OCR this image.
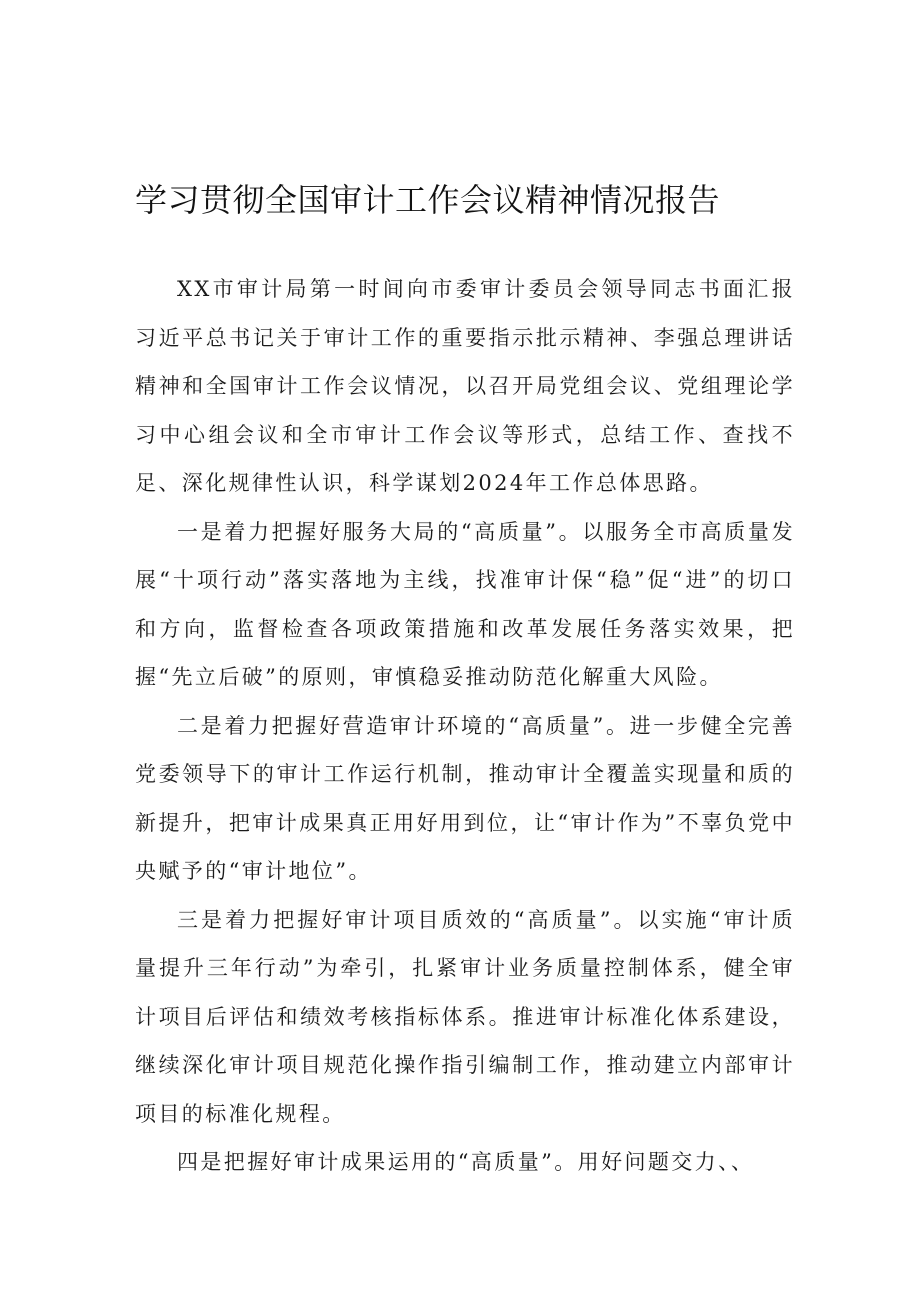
学习贯彻全国审计工作会议精神情况报告

XX市审计局第一时间向市委审计委员会领导同志书面汇报习近平总书记关于审计工作的重要指示批示精神、李强总理讲话精神和全国审计工作会议情况，以召开局党组会议、党组理论学习中心组会议和全市审计工作会议等形式，总结工作、查找不足、深化规律性认识，科学谋划2024年工作总体思路。

一是着力把握好服务大局的“高质量”。以服务全市高质量发展“十项行动”落实落地为主线，找准审计保“稳”促“进”的切口和方向，监督检查各项政策措施和改革发展任务落实效果，把握“先立后破”的原则，审慎稳妥推动防范化解重大风险。

二是着力把握好营造审计环境的“高质量”。进一步健全完善党委领导下的审计工作运行机制，推动审计全覆盖实现量和质的新提升，把审计成果真正用好用到位，让“审计作为”不辜负党中央赋予的“审计地位”。

三是着力把握好审计项目质效的“高质量”。以实施“审计质量提升三年行动”为牵引，扎紧审计业务质量控制体系，健全审计项目后评估和绩效考核指标体系。推进审计标准化体系建设，继续深化审计项目规范化操作指引编制工作，推动建立内部审计项目的标准化规程。

四是把握好审计成果运用的“高质量”。用好问题交力、、
